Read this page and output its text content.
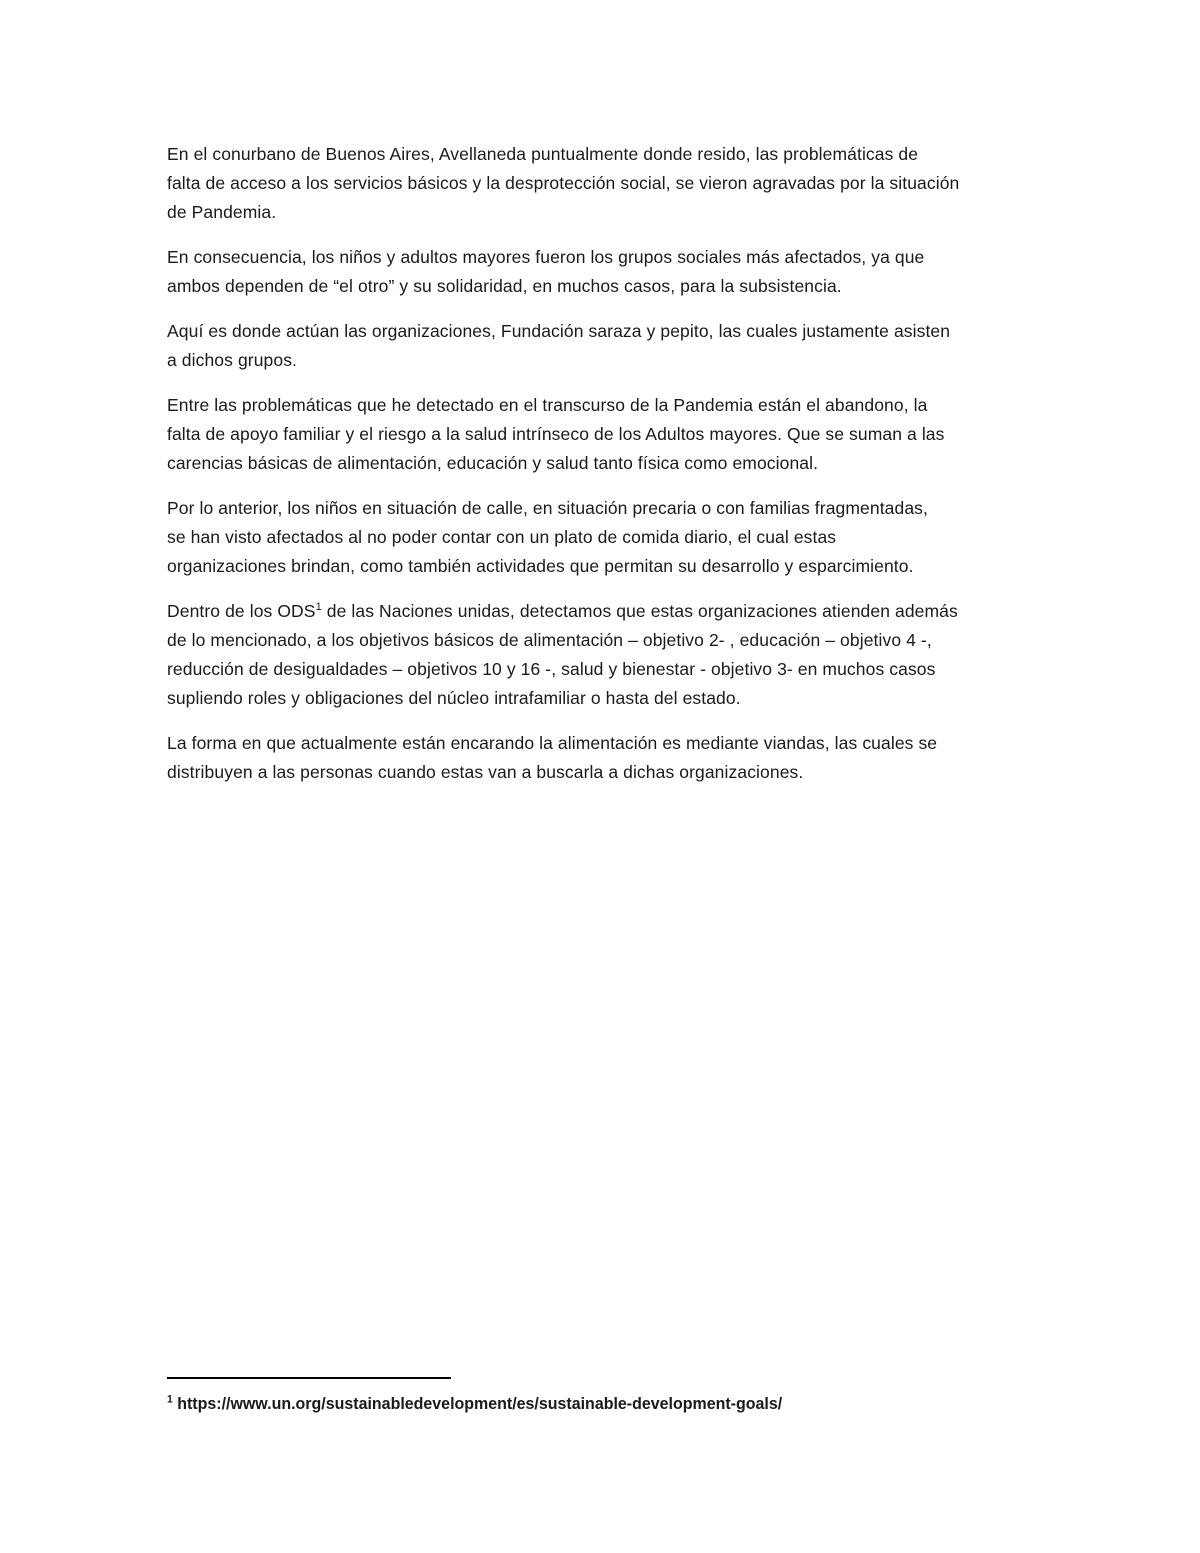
En el conurbano de Buenos Aires, Avellaneda puntualmente donde resido, las problemáticas de
falta de acceso a los servicios básicos y la desprotección social, se vieron agravadas por la situación
de Pandemia.

En consecuencia, los niños y adultos mayores fueron los grupos sociales más afectados, ya que
ambos dependen de “el otro” y su solidaridad, en muchos casos, para la subsistencia.

Aquí es donde actúan las organizaciones, Fundación saraza y pepito, las cuales justamente asisten
a dichos grupos.

Entre las problemáticas que he detectado en el transcurso de la Pandemia están el abandono, la
falta de apoyo familiar y el riesgo a la salud intrínseco de los Adultos mayores. Que se suman a las
carencias básicas de alimentación, educación y salud tanto física como emocional.

Por lo anterior, los niños en situación de calle, en situación precaria o con familias fragmentadas,
se han visto afectados al no poder contar con un plato de comida diario, el cual estas
organizaciones brindan, como también actividades que permitan su desarrollo y esparcimiento.

Dentro de los ODS$^1$ de las Naciones unidas, detectamos que estas organizaciones atienden además
de lo mencionado, a los objetivos básicos de alimentación – objetivo 2- , educación – objetivo 4 -,
reducción de desigualdades – objetivos 10 y 16 -, salud y bienestar - objetivo 3- en muchos casos
supliendo roles y obligaciones del núcleo intrafamiliar o hasta del estado.

La forma en que actualmente están encarando la alimentación es mediante viandas, las cuales se
distribuyen a las personas cuando estas van a buscarla a dichas organizaciones.

$^1$ https://www.un.org/sustainabledevelopment/es/sustainable-development-goals/
